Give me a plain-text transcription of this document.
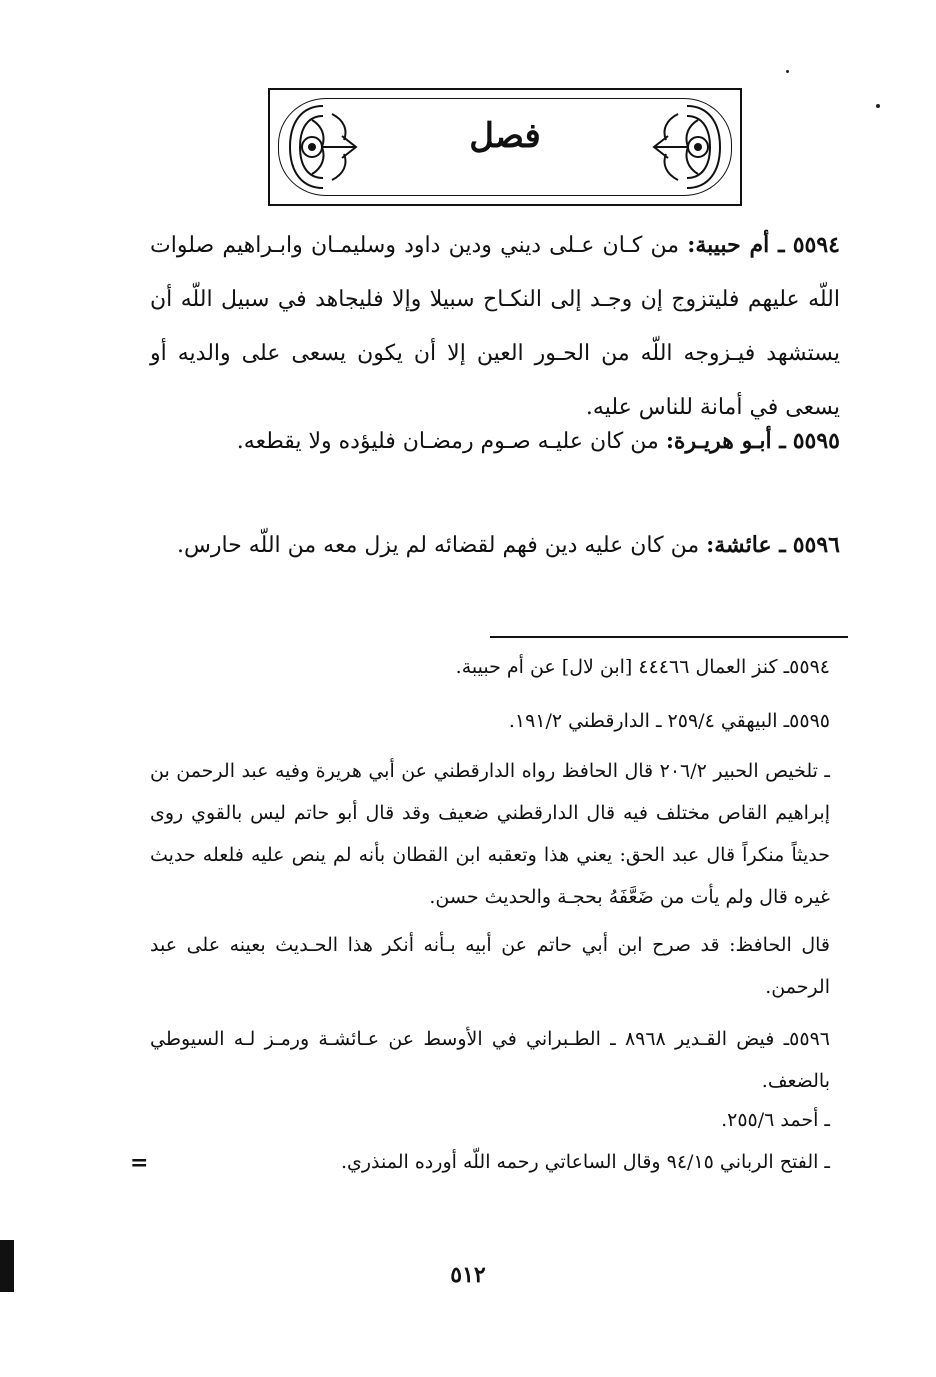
فصل
٥٥٩٤ ـ أم حبيبة: من كـان عـلى ديني ودين داود وسليمـان وابـراهيم صلوات اللّه عليهم فليتزوج إن وجـد إلى النكـاح سبيلا وإلا فليجاهد في سبيل اللّه أن يستشهد فيـزوجه اللّه من الحـور العين إلا أن يكون يسعى على والديه أو يسعى في أمانة للناس عليه.
٥٥٩٥ ـ أبـو هريـرة: من كان عليـه صـوم رمضـان فليؤده ولا يقطعه.
٥٥٩٦ ـ عائشة: من كان عليه دين فهم لقضائه لم يزل معه من اللّه حارس.
٥٥٩٤ـ كنز العمال ٤٤٤٦٦ [ابن لال] عن أم حبيبة.
٥٥٩٥ـ البيهقي ٢٥٩/٤ ـ الدارقطني ١٩١/٢.
ـ تلخيص الحبير ٢٠٦/٢ قال الحافظ رواه الدارقطني عن أبي هريرة وفيه عبد الرحمن بن إبراهيم القاص مختلف فيه قال الدارقطني ضعيف وقد قال أبو حاتم ليس بالقوي روى حديثاً منكراً قال عبد الحق: يعني هذا وتعقبه ابن القطان بأنه لم ينص عليه فلعله حديث غيره قال ولم يأت من ضَعَّفَهُ بحجـة والحديث حسن.
قال الحافظ: قد صرح ابن أبي حاتم عن أبيه بـأنه أنكر هذا الحـديث بعينه على عبد الرحمن.
٥٥٩٦ـ فيض القـدير ٨٩٦٨ ـ الطـبراني في الأوسط عن عـائشـة ورمـز لـه السيوطي بالضعف.
ـ أحمد ٢٥٥/٦.
ـ الفتح الرباني ٩٤/١٥ وقال الساعاتي رحمه اللّه أورده المنذري.
=
٥١٢
